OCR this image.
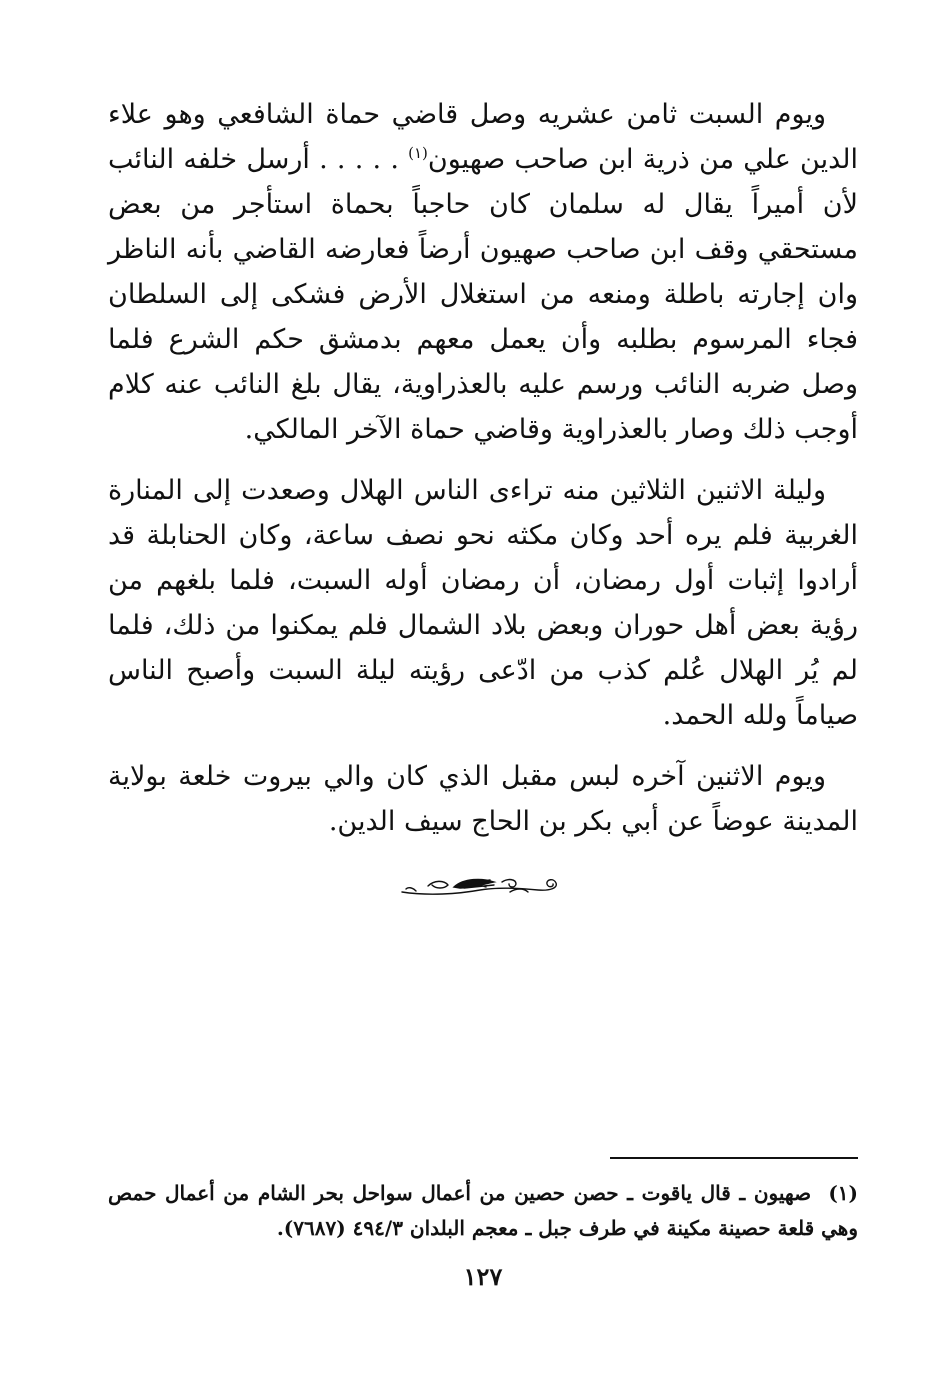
ويوم السبت ثامن عشريه وصل قاضي حماة الشافعي وهو علاء الدين علي من ذرية ابن صاحب صهيون$^{(١)}$ . . . . . أرسل خلفه النائب لأن أميراً يقال له سلمان كان حاجباً بحماة استأجر من بعض مستحقي وقف ابن صاحب صهيون أرضاً فعارضه القاضي بأنه الناظر وان إجارته باطلة ومنعه من استغلال الأرض فشكى إلى السلطان فجاء المرسوم بطلبه وأن يعمل معهم بدمشق حكم الشرع فلما وصل ضربه النائب ورسم عليه بالعذراوية، يقال بلغ النائب عنه كلام أوجب ذلك وصار بالعذراوية وقاضي حماة الآخر المالكي.

وليلة الاثنين الثلاثين منه تراءى الناس الهلال وصعدت إلى المنارة الغربية فلم يره أحد وكان مكثه نحو نصف ساعة، وكان الحنابلة قد أرادوا إثبات أول رمضان، أن رمضان أوله السبت، فلما بلغهم من رؤية بعض أهل حوران وبعض بلاد الشمال فلم يمكنوا من ذلك، فلما لم يُر الهلال عُلم كذب من ادّعى رؤيته ليلة السبت وأصبح الناس صياماً ولله الحمد.

ويوم الاثنين آخره لبس مقبل الذي كان والي بيروت خلعة بولاية المدينة عوضاً عن أبي بكر بن الحاج سيف الدين.

(١)  صهيون ـ قال ياقوت ـ حصن حصين من أعمال سواحل بحر الشام من أعمال حمص وهي قلعة حصينة مكينة في طرف جبل ـ معجم البلدان ٤٩٤/٣ (٧٦٨٧).

١٢٧
